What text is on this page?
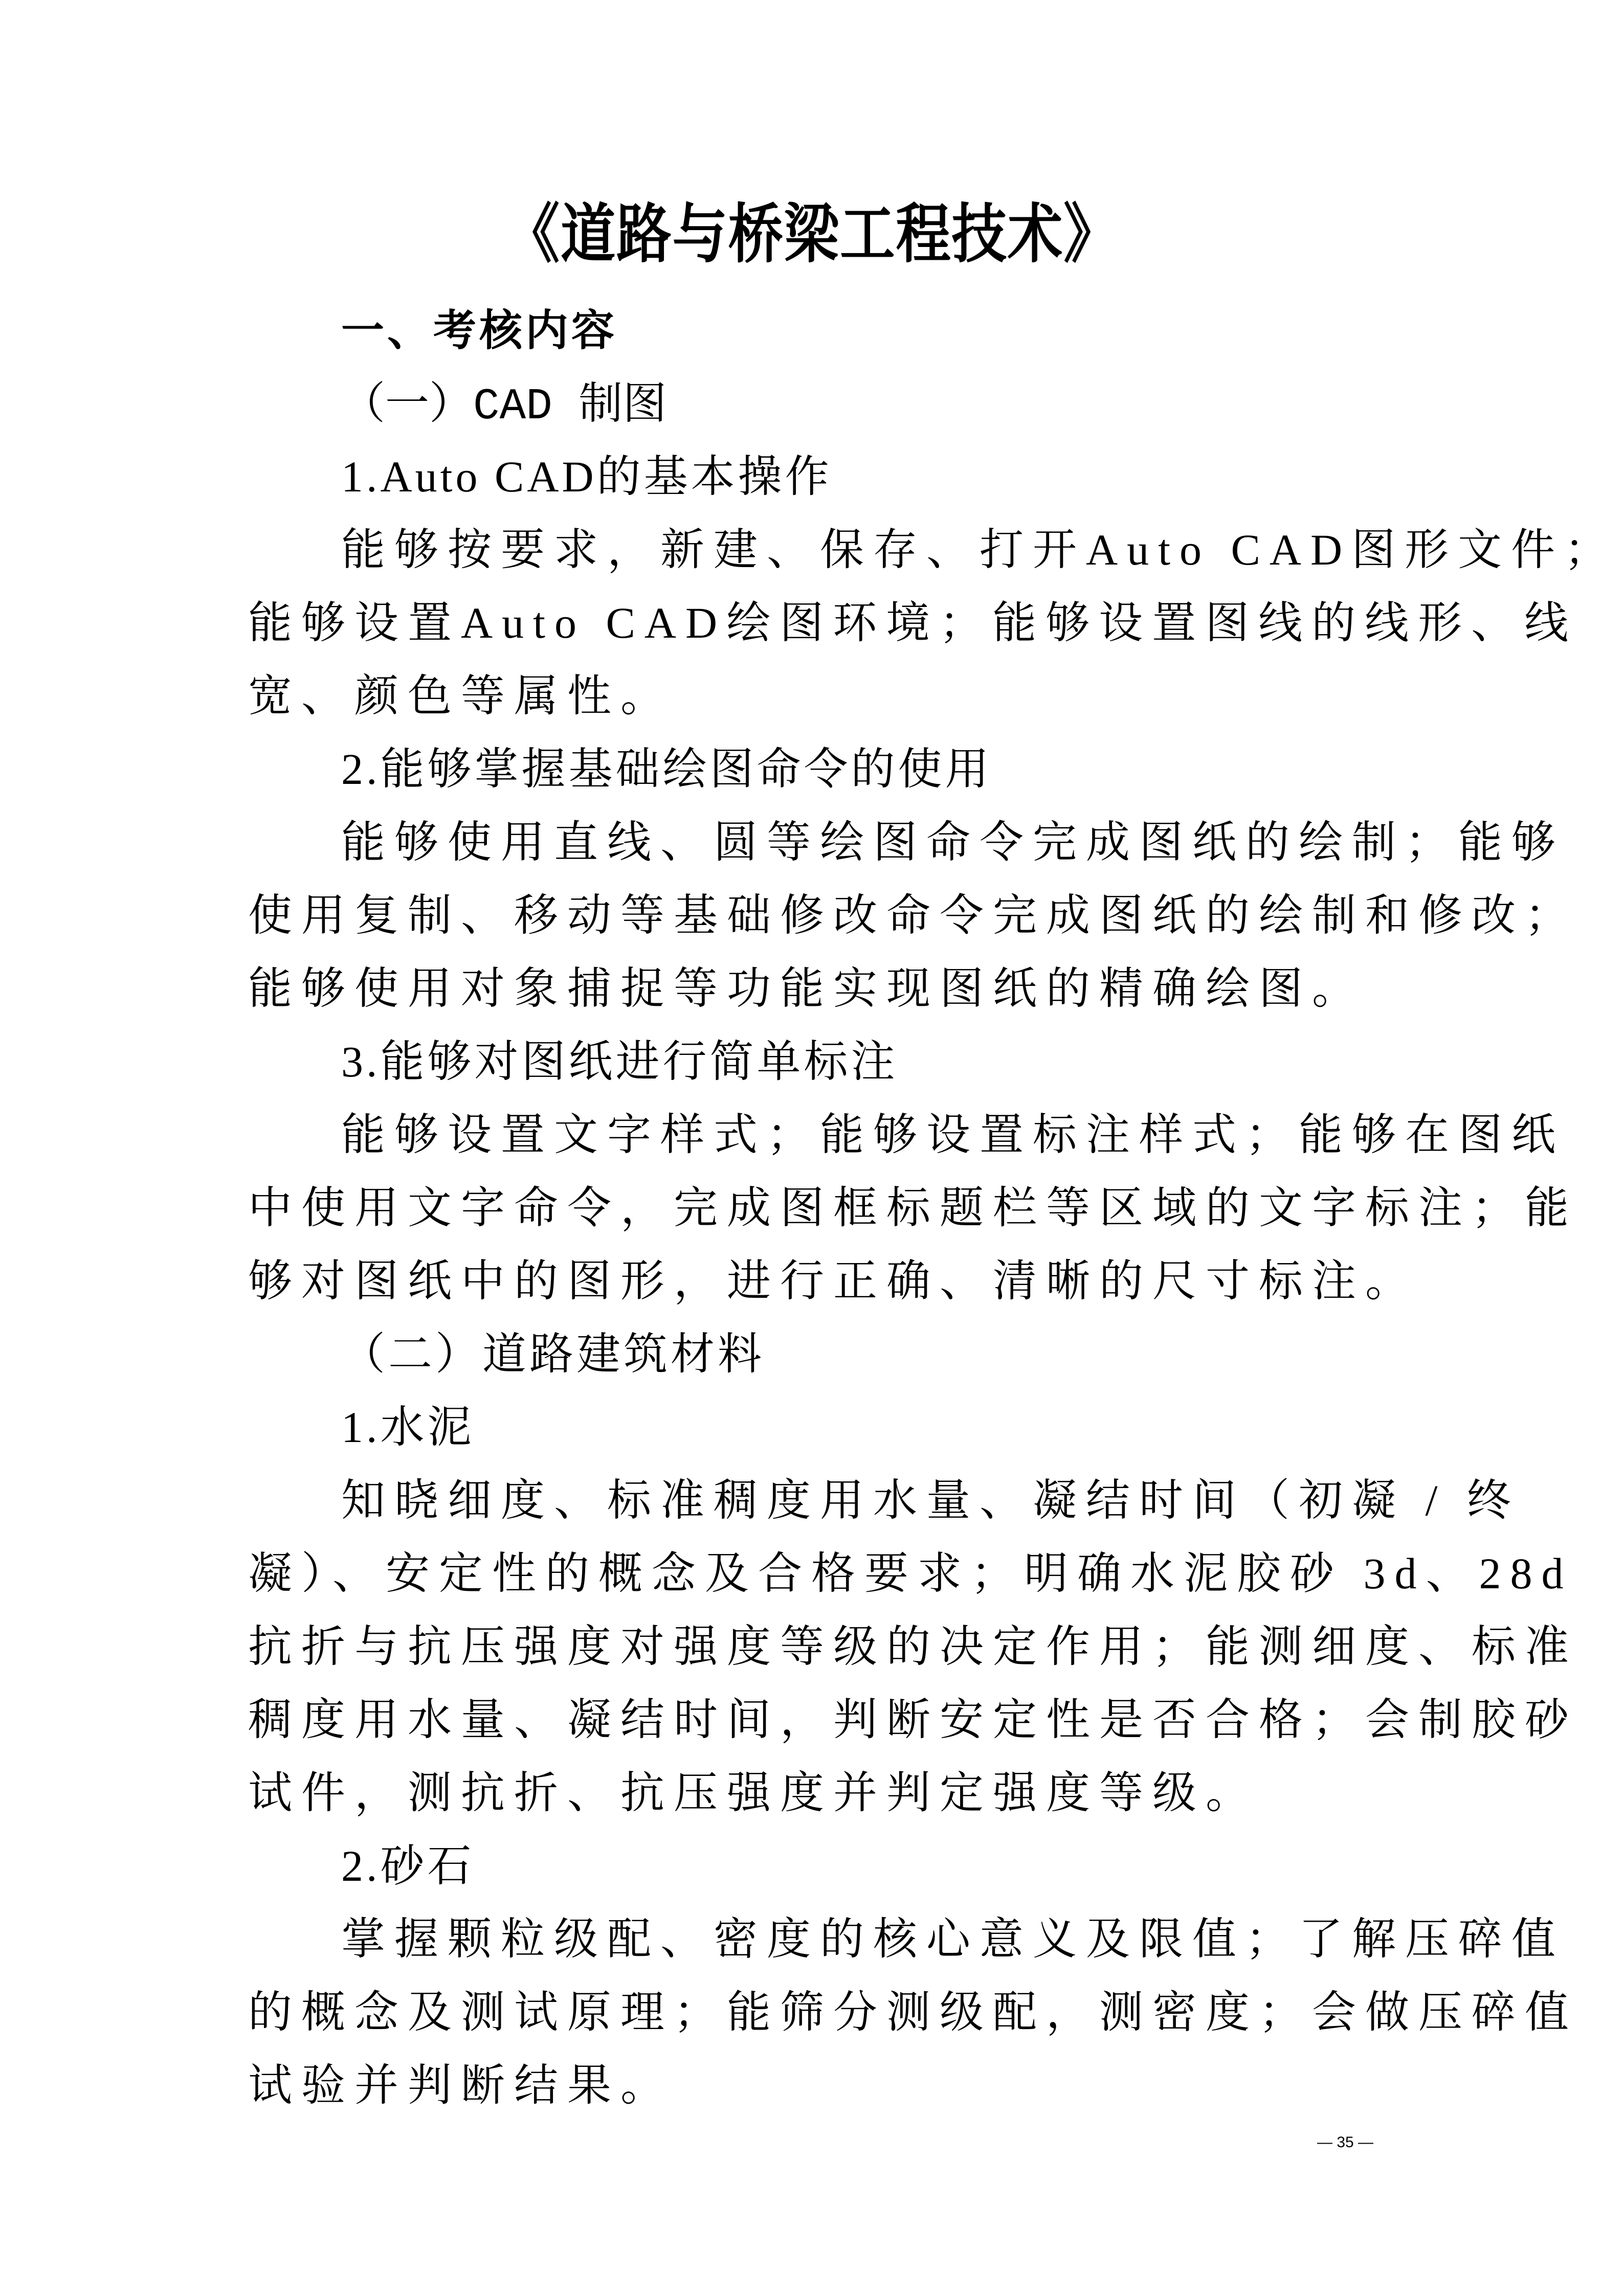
《道路与桥梁工程技术》
一、考核内容
（一）CAD 制图
1.Auto CAD的基本操作
能够按要求，新建、保存、打开Auto CAD图形文件；
能够设置Auto CAD绘图环境；能够设置图线的线形、线
宽、颜色等属性。
2.能够掌握基础绘图命令的使用
能够使用直线、圆等绘图命令完成图纸的绘制；能够
使用复制、移动等基础修改命令完成图纸的绘制和修改；
能够使用对象捕捉等功能实现图纸的精确绘图。
3.能够对图纸进行简单标注
能够设置文字样式；能够设置标注样式；能够在图纸
中使用文字命令，完成图框标题栏等区域的文字标注；能
够对图纸中的图形，进行正确、清晰的尺寸标注。
（二）道路建筑材料
1.水泥
知晓细度、标准稠度用水量、凝结时间（初凝 / 终
凝）、安定性的概念及合格要求；明确水泥胶砂 3d、28d
抗折与抗压强度对强度等级的决定作用；能测细度、标准
稠度用水量、凝结时间，判断安定性是否合格；会制胶砂
试件，测抗折、抗压强度并判定强度等级。
2.砂石
掌握颗粒级配、密度的核心意义及限值；了解压碎值
的概念及测试原理；能筛分测级配，测密度；会做压碎值
试验并判断结果。
— 35 —
